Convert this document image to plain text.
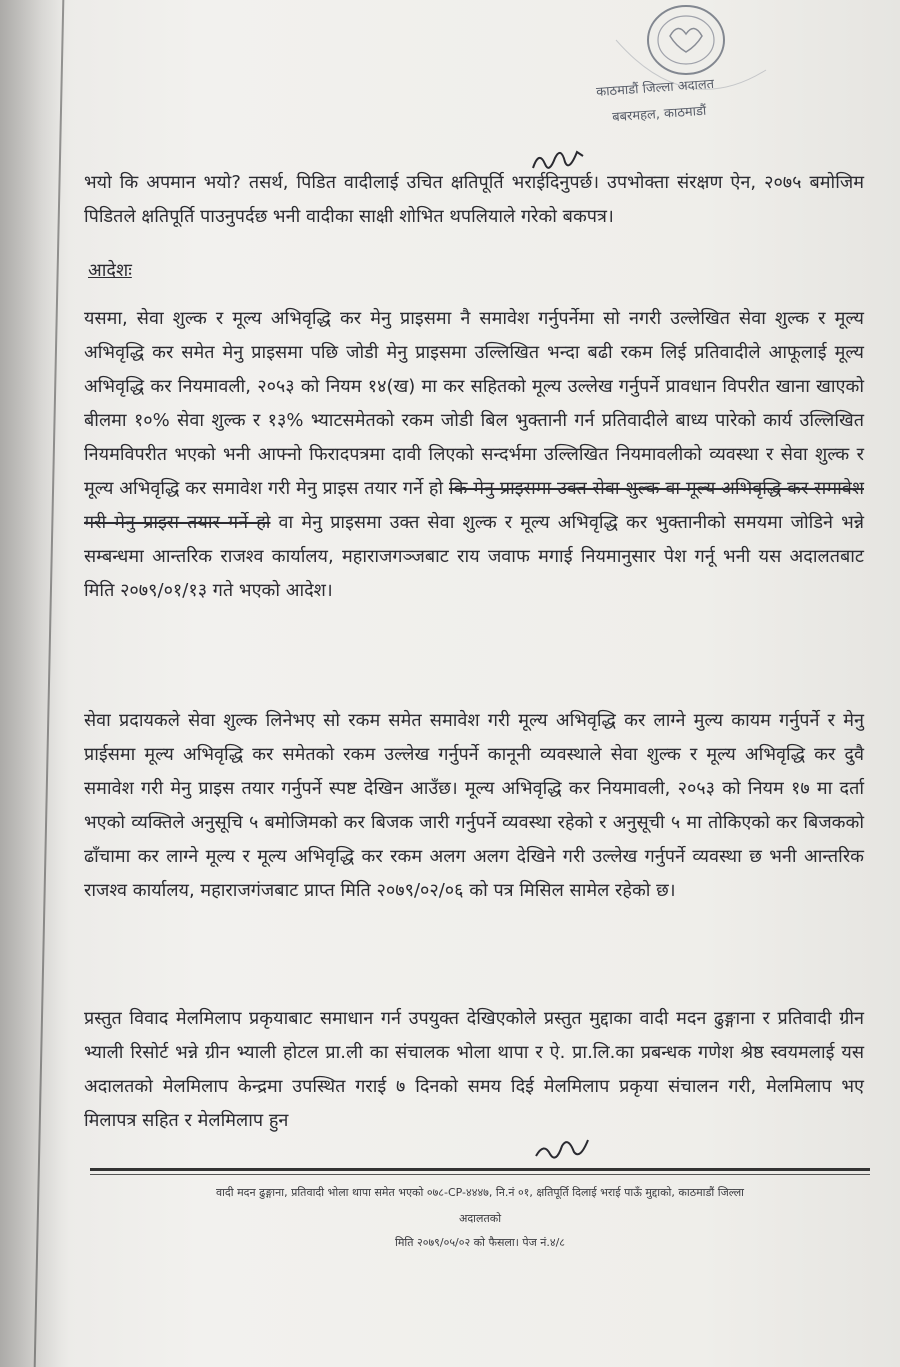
काठमाडौं जिल्ला अदालत
बबरमहल, काठमाडौं

भयो कि अपमान भयो? तसर्थ, पिडित वादीलाई उचित क्षतिपूर्ति भराईदिनुपर्छ। उपभोक्ता संरक्षण ऐन, २०७५ बमोजिम पिडितले क्षतिपूर्ति पाउनुपर्दछ भनी वादीका साक्षी शोभित थपलियाले गरेको बकपत्र।

आदेशः

यसमा, सेवा शुल्क र मूल्य अभिवृद्धि कर मेनु प्राइसमा नै समावेश गर्नुपर्नेमा सो नगरी उल्लेखित सेवा शुल्क र मूल्य अभिवृद्धि कर समेत मेनु प्राइसमा पछि जोडी मेनु प्राइसमा उल्लिखित भन्दा बढी रकम लिई प्रतिवादीले आफूलाई मूल्य अभिवृद्धि कर नियमावली, २०५३ को नियम १४(ख) मा कर सहितको मूल्य उल्लेख गर्नुपर्ने प्रावधान विपरीत खाना खाएको बीलमा १०% सेवा शुल्क र १३% भ्याटसमेतको रकम जोडी बिल भुक्तानी गर्न प्रतिवादीले बाध्य पारेको कार्य उल्लिखित नियमविपरीत भएको भनी आफ्नो फिरादपत्रमा दावी लिएको सन्दर्भमा उल्लिखित नियमावलीको व्यवस्था र सेवा शुल्क र मूल्य अभिवृद्धि कर समावेश गरी मेनु प्राइस तयार गर्ने हो कि मेनु प्राइसमा उक्त सेवा शुल्क वा मूल्य अभिवृद्धि कर समावेश गरी मेनु प्राइस तयार गर्ने हो वा मेनु प्राइसमा उक्त सेवा शुल्क र मूल्य अभिवृद्धि कर भुक्तानीको समयमा जोडिने भन्ने सम्बन्धमा आन्तरिक राजश्व कार्यालय, महाराजगञ्जबाट राय जवाफ मगाई नियमानुसार पेश गर्नू भनी यस अदालतबाट मिति २०७९/०१/१३ गते भएको आदेश।

सेवा प्रदायकले सेवा शुल्क लिनेभए सो रकम समेत समावेश गरी मूल्य अभिवृद्धि कर लाग्ने मुल्य कायम गर्नुपर्ने र मेनु प्राईसमा मूल्य अभिवृद्धि कर समेतको रकम उल्लेख गर्नुपर्ने कानूनी व्यवस्थाले सेवा शुल्क र मूल्य अभिवृद्धि कर दुवै समावेश गरी मेनु प्राइस तयार गर्नुपर्ने स्पष्ट देखिन आउँछ। मूल्य अभिवृद्धि कर नियमावली, २०५३ को नियम १७ मा दर्ता भएको व्यक्तिले अनुसूचि ५ बमोजिमको कर बिजक जारी गर्नुपर्ने व्यवस्था रहेको र अनुसूची ५ मा तोकिएको कर बिजकको ढाँचामा कर लाग्ने मूल्य र मूल्य अभिवृद्धि कर रकम अलग अलग देखिने गरी उल्लेख गर्नुपर्ने व्यवस्था छ भनी आन्तरिक राजश्व कार्यालय, महाराजगंजबाट प्राप्त मिति २०७९/०२/०६ को पत्र मिसिल सामेल रहेको छ।

प्रस्तुत विवाद मेलमिलाप प्रकृयाबाट समाधान गर्न उपयुक्त देखिएकोले प्रस्तुत मुद्दाका वादी मदन ढुङ्गाना र प्रतिवादी ग्रीन भ्याली रिसोर्ट भन्ने ग्रीन भ्याली होटल प्रा.ली का संचालक भोला थापा र ऐ. प्रा.लि.का प्रबन्धक गणेश श्रेष्ठ स्वयमलाई यस अदालतको मेलमिलाप केन्द्रमा उपस्थित गराई ७ दिनको समय दिई मेलमिलाप प्रकृया संचालन गरी, मेलमिलाप भए मिलापत्र सहित र मेलमिलाप हुन

वादी मदन ढुङ्गाना, प्रतिवादी भोला थापा समेत भएको ०७८-CP-४४४७, नि.नं ०१, क्षतिपूर्ति दिलाई भराई पाऊँ मुद्दाको, काठमाडौं जिल्ला
अदालतको
मिति २०७९/०५/०२ को फैसला। पेज नं.४/८
